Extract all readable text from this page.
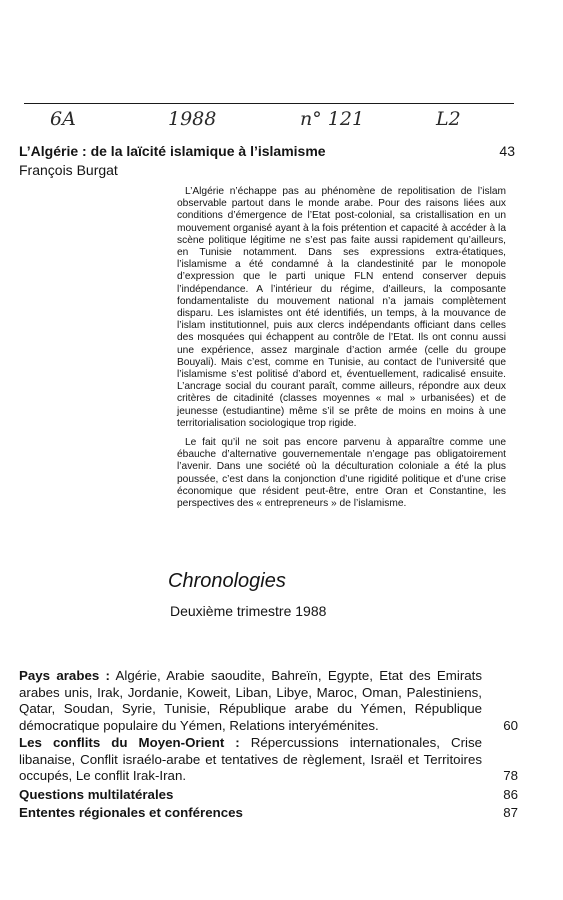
6A	1988	n° 121	L2
L’Algérie : de la laïcité islamique à l’islamisme	43
François Burgat

L’Algérie n’échappe pas au phénomène de repolitisation de l’islam observable partout dans le monde arabe. Pour des raisons liées aux conditions d’émergence de l’Etat post-colonial, sa cristallisation en un mouvement organisé ayant à la fois prétention et capacité à accéder à la scène politique légitime ne s’est pas faite aussi rapidement qu’ailleurs, en Tunisie notamment. Dans ses expressions extra-étatiques, l’islamisme a été condamné à la clandestinité par le monopole d’expression que le parti unique FLN entend conserver depuis l’indépendance. A l’intérieur du régime, d’ailleurs, la composante fondamentaliste du mouvement national n’a jamais complètement disparu. Les islamistes ont été identifiés, un temps, à la mouvance de l’islam institutionnel, puis aux clercs indépendants officiant dans celles des mosquées qui échappent au contrôle de l’Etat. Ils ont connu aussi une expérience, assez marginale d’action armée (celle du groupe Bouyali). Mais c’est, comme en Tunisie, au contact de l’université que l’islamisme s’est politisé d’abord et, éventuellement, radicalisé ensuite. L’ancrage social du courant paraît, comme ailleurs, répondre aux deux critères de citadinité (classes moyennes « mal » urbanisées) et de jeunesse (estudiantine) même s’il se prête de moins en moins à une territorialisation sociologique trop rigide.

Le fait qu’il ne soit pas encore parvenu à apparaître comme une ébauche d’alternative gouvernementale n’engage pas obligatoirement l’avenir. Dans une société où la déculturation coloniale a été la plus poussée, c’est dans la conjonction d’une rigidité politique et d’une crise économique que résident peut-être, entre Oran et Constantine, les perspectives des « entrepreneurs » de l’islamisme.

Chronologies
Deuxième trimestre 1988
Pays arabes : Algérie, Arabie saoudite, Bahreïn, Egypte, Etat des Emirats arabes unis, Irak, Jordanie, Koweit, Liban, Libye, Maroc, Oman, Palestiniens, Qatar, Soudan, Syrie, Tunisie, République arabe du Yémen, République démocratique populaire du Yémen, Relations interyéménites.	60
Les conflits du Moyen-Orient : Répercussions internationales, Crise libanaise, Conflit israélo-arabe et tentatives de règlement, Israël et Territoires occupés, Le conflit Irak-Iran.	78
Questions multilatérales	86
Ententes régionales et conférences	87
